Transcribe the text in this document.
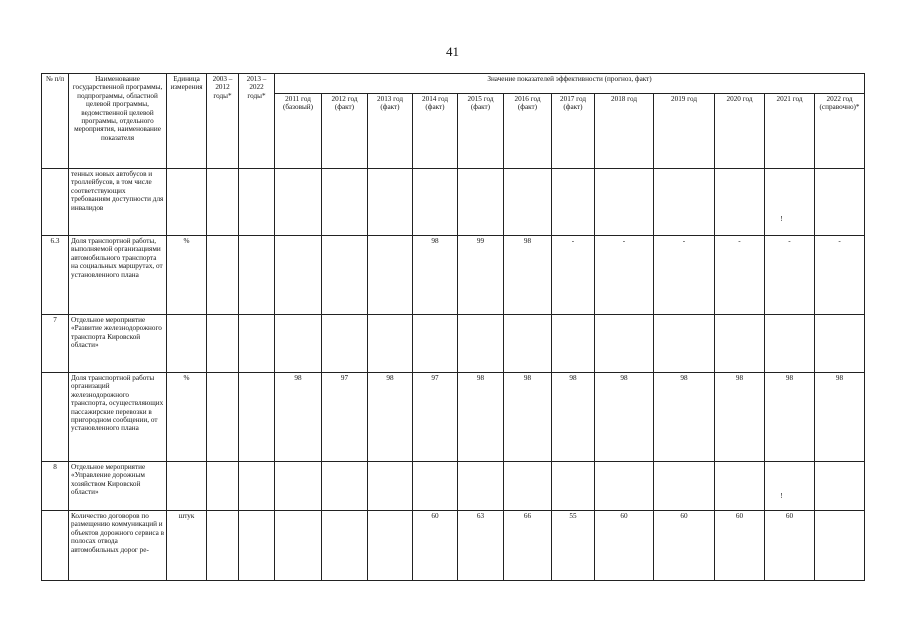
41
№ п/п	Наименование государственной программы, подпрограммы, областной целевой программы, ведомственной целевой программы, отдельного мероприятия, наименование показателя	Единица измерения	2003 – 2012 годы*	2013 – 2022 годы*	Значение показателей эффективности (прогноз, факт)											
					2011 год (базовый)	2012 год (факт)	2013 год (факт)	2014 год (факт)	2015 год (факт)	2016 год (факт)	2017 год (факт)	2018 год	2019 год	2020 год	2021 год	2022 год (справочно)*
	тенных новых автобусов и троллейбусов, в том числе соответствующих требованиям доступности для инвалидов														!	
6.3	Доля транспортной работы, выполняемой организациями автомобильного транспорта на социальных маршрутах, от установленного плана	%						98	99	98	-	-	-	-	-	-
7	Отдельное мероприятие «Развитие железнодорожного транспорта Кировской области»															
	Доля транспортной работы организаций железнодорожного транспорта, осуществляющих пассажирские перевозки в пригородном сообщении, от установленного плана	%			98	97	98	97	98	98	98	98	98	98	98	98
8	Отдельное мероприятие «Управление дорожным хозяйством Кировской области»														!	
	Количество договоров по размещению коммуникаций и объектов дорожного сервиса в полосах отвода автомобильных дорог ре-	штук						60	63	66	55	60	60	60	60	
